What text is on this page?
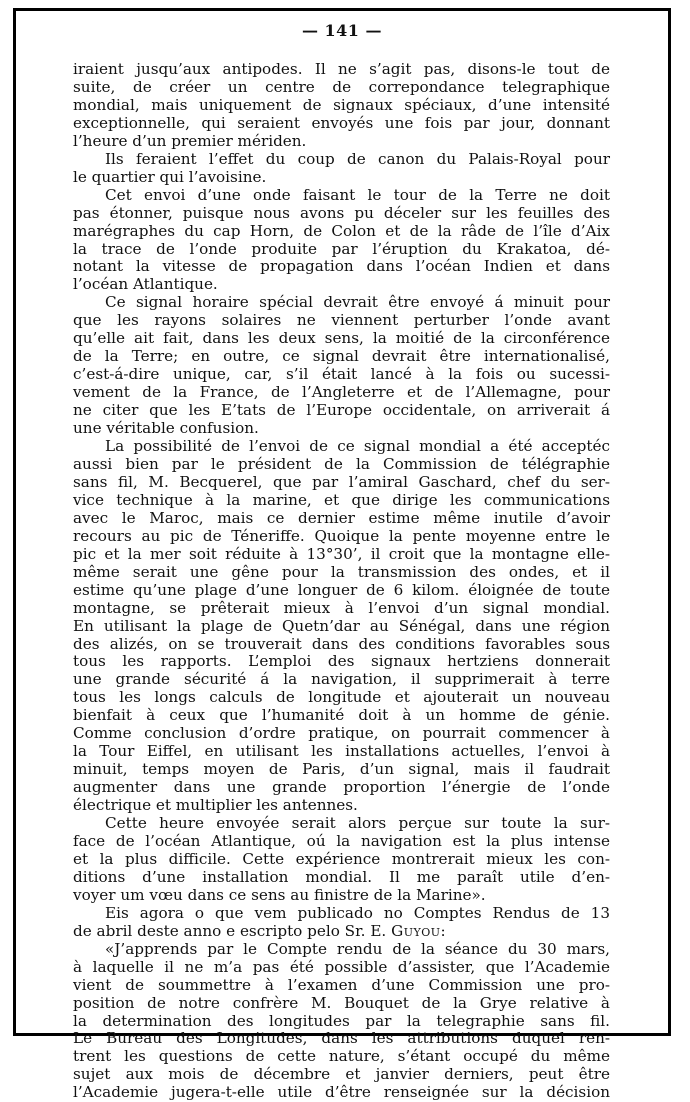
— 141 —

iraient jusqu’aux antipodes. Il ne s’agit pas, disons-le tout de
suite, de créer un centre de correpondance telegraphique
mondial, mais uniquement de signaux spéciaux, d’une intensité
exceptionnelle, qui seraient envoyés une fois par jour, donnant
l’heure d’un premier mériden.

Ils feraient l’effet du coup de canon du Palais-Royal pour
le quartier qui l’avoisine.

Cet envoi d’une onde faisant le tour de la Terre ne doit
pas étonner, puisque nous avons pu déceler sur les feuilles des
marégraphes du cap Horn, de Colon et de la râde de l’île d’Aix
la trace de l’onde produite par l’éruption du Krakatoa, dé-
notant la vitesse de propagation dans l’océan Indien et dans
l’océan Atlantique.

Ce signal horaire spécial devrait être envoyé á minuit pour
que les rayons solaires ne viennent perturber l’onde avant
qu’elle ait fait, dans les deux sens, la moitié de la circonférence
de la Terre; en outre, ce signal devrait être internationalisé,
c’est-á-dire unique, car, s’il était lancé à la fois ou sucessi-
vement de la France, de l’Angleterre et de l’Allemagne, pour
ne citer que les E’tats de l’Europe occidentale, on arriverait á
une véritable confusion.

La possibilité de l’envoi de ce signal mondial a été acceptéc
aussi bien par le président de la Commission de télégraphie
sans fil, M. Becquerel, que par l’amiral Gaschard, chef du ser-
vice technique à la marine, et que dirige les communications
avec le Maroc, mais ce dernier estime même inutile d’avoir
recours au pic de Téneriffe. Quoique la pente moyenne entre le
pic et la mer soit réduite à 13°30’, il croit que la montagne elle-
même serait une gêne pour la transmission des ondes, et il
estime qu’une plage d’une longuer de 6 kilom. éloignée de toute
montagne, se prêterait mieux à l’envoi d’un signal mondial.
En utilisant la plage de Quetn’dar au Sénégal, dans une région
des alizés, on se trouverait dans des conditions favorables sous
tous les rapports. L’emploi des signaux hertziens donnerait
une grande sécurité á la navigation, il supprimerait à terre
tous les longs calculs de longitude et ajouterait un nouveau
bienfait à ceux que l’humanité doit à un homme de génie.
Comme conclusion d’ordre pratique, on pourrait commencer à
la Tour Eiffel, en utilisant les installations actuelles, l’envoi à
minuit, temps moyen de Paris, d’un signal, mais il faudrait
augmenter dans une grande proportion l’énergie de l’onde
électrique et multiplier les antennes.

Cette heure envoyée serait alors perçue sur toute la sur-
face de l’océan Atlantique, oú la navigation est la plus intense
et la plus difficile. Cette expérience montrerait mieux les con-
ditions d’une installation mondial. Il me paraît utile d’en-
voyer um vœu dans ce sens au finistre de la Marine».

Eis agora o que vem publicado no Comptes Rendus de 13
de abril deste anno e escripto pelo Sr. E. Guyou:

«J’apprends par le Compte rendu de la séance du 30 mars,
à laquelle il ne m’a pas été possible d’assister, que l’Academie
vient de soummettre à l’examen d’une Commission une pro-
position de notre confrère M. Bouquet de la Grye relative à
la determination des longitudes par la telegraphie sans fil.
Le Bureau des Longitudes, dans les attributions duquel ren-
trent les questions de cette nature, s’étant occupé du même
sujet aux mois de décembre et janvier derniers, peut être
l’Academie jugera-t-elle utile d’être renseignée sur la décision
